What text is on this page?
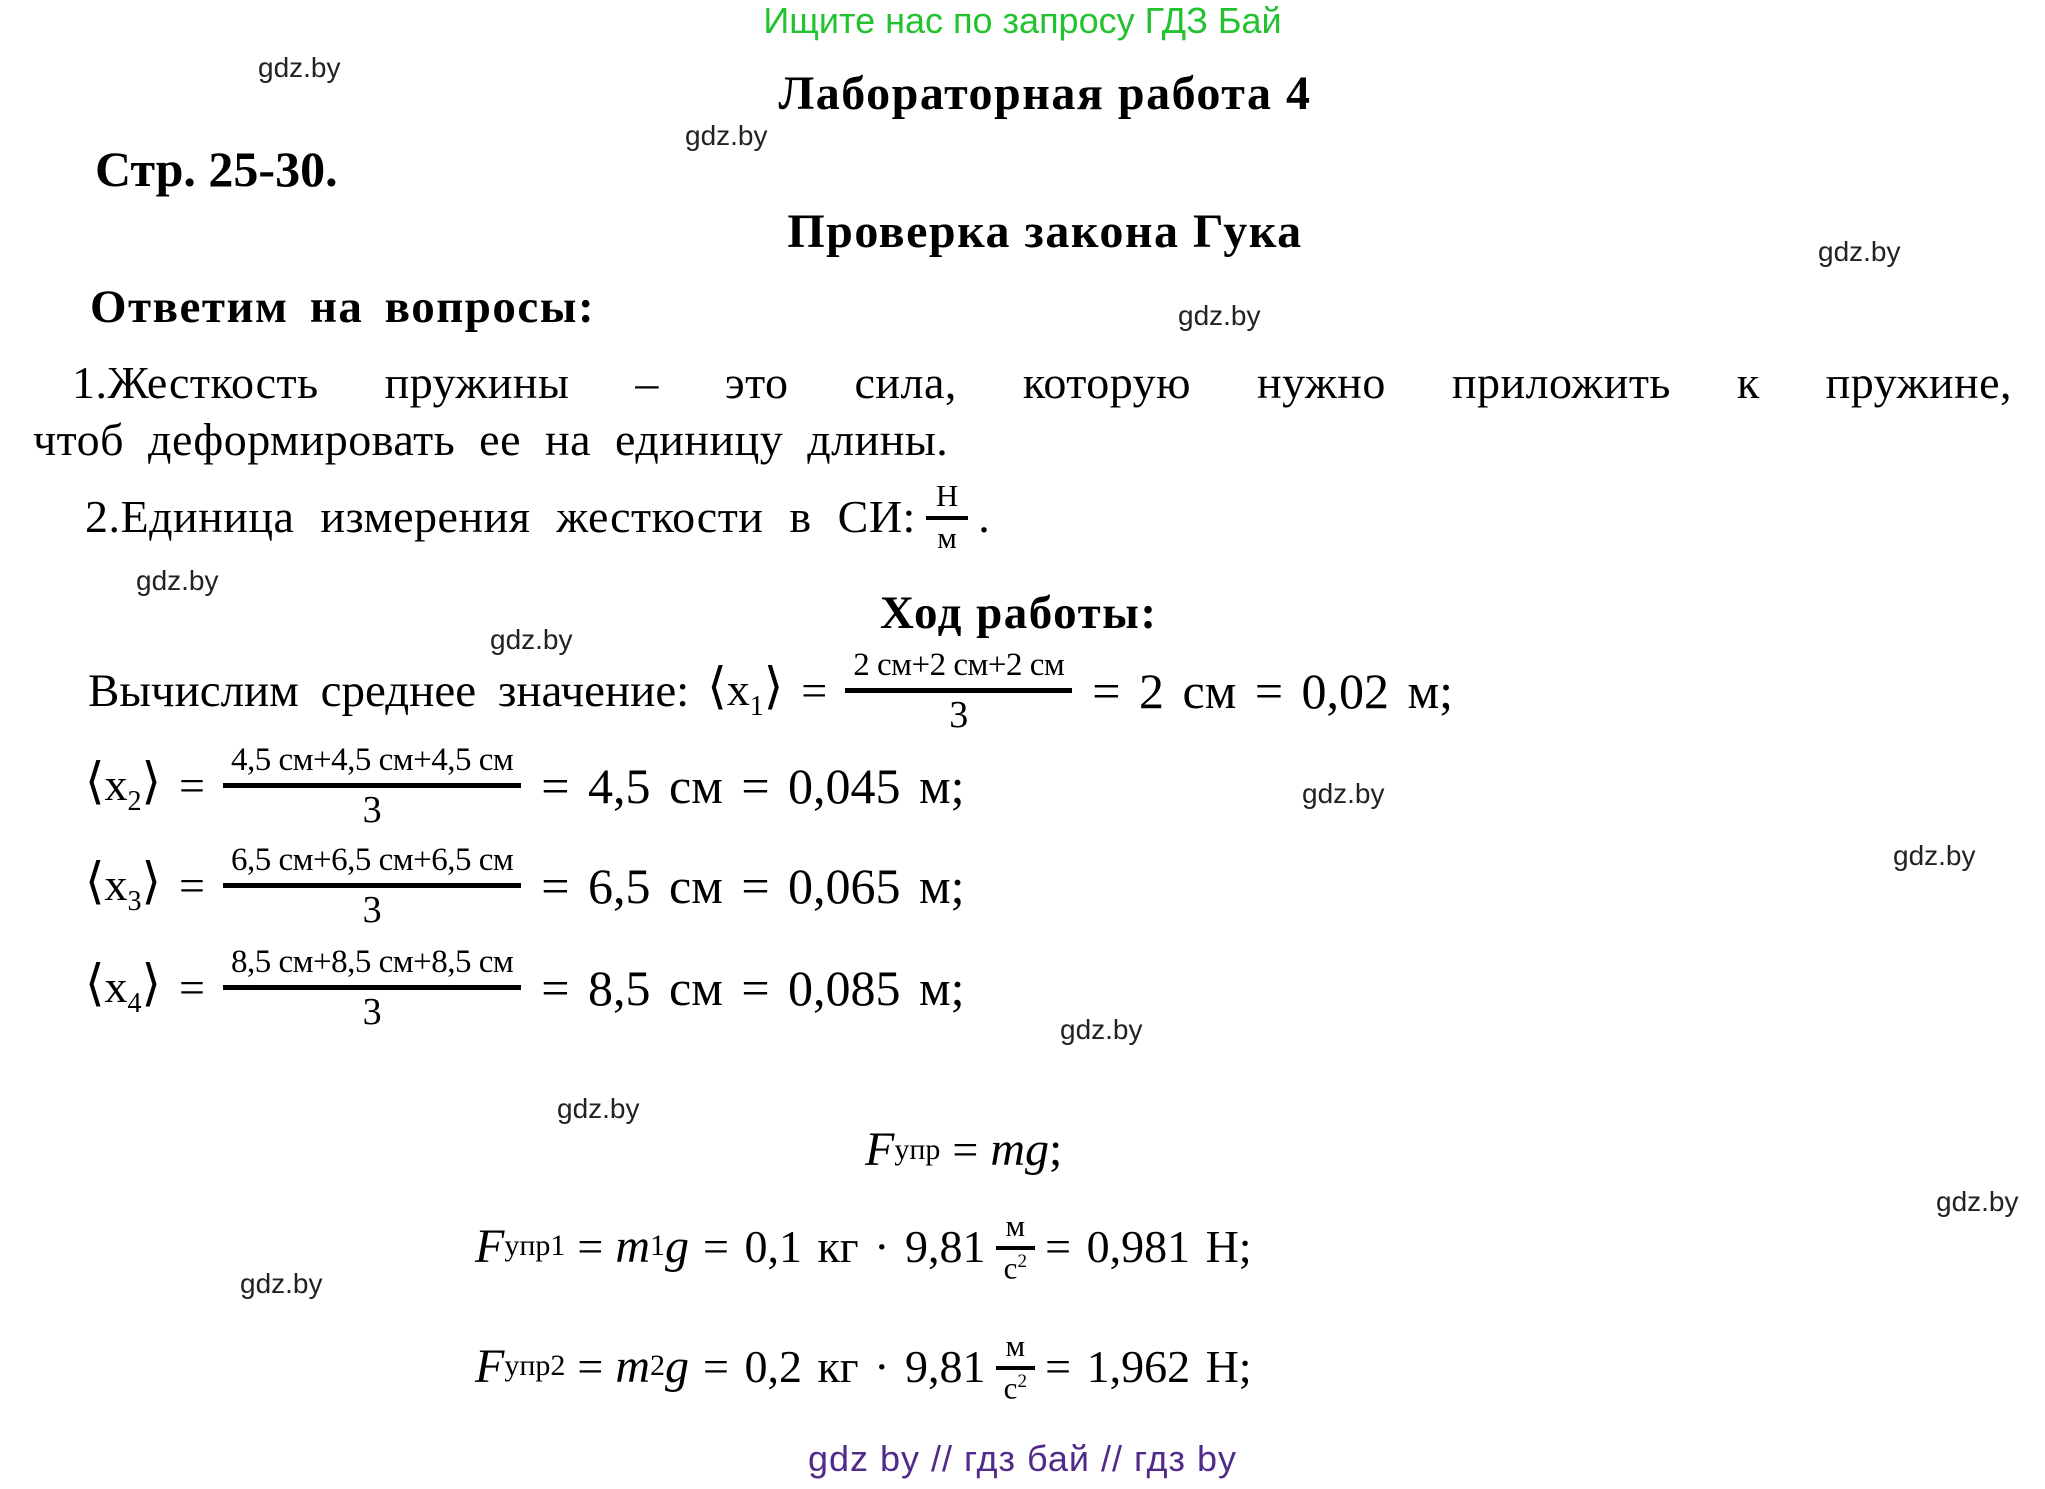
Ищите нас по запросу ГДЗ Бай
gdz.by
gdz.by
gdz.by
gdz.by
gdz.by
gdz.by
gdz.by
gdz.by
gdz.by
gdz.by
gdz.by
gdz.by
Лабораторная работа 4
Стр. 25-30.
Проверка закона Гука
Ответим на вопросы:
1.Жесткость пружины – это сила, которую нужно приложить к пружине,
чтоб деформировать ее на единицу длины.
2.Единица измерения жесткости в СИ: $\frac{Н}{м}$ .
Ход работы:
Вычислим среднее значение: $⟨x_1⟩ = \frac{2 см+2 см+2 см}{3} = 2$ см = 0,02 м;
$⟨x_2⟩ = \frac{4,5 см+4,5 см+4,5 см}{3} = 4,5$ см = 0,045 м;
$⟨x_3⟩ = \frac{6,5 см+6,5 см+6,5 см}{3} = 6,5$ см = 0,065 м;
$⟨x_4⟩ = \frac{8,5 см+8,5 см+8,5 см}{3} = 8,5$ см = 0,085 м;
F упр = mg ;
F упр1 = m 1 g = 0,1 кг · $9,81 \frac{м}{с^2} = 0,981$ Н;
F упр2 = m 2 g = 0,2 кг · $9,81 \frac{м}{с^2} = 1,962$ Н;
gdz by // гдз бай // гдз by
